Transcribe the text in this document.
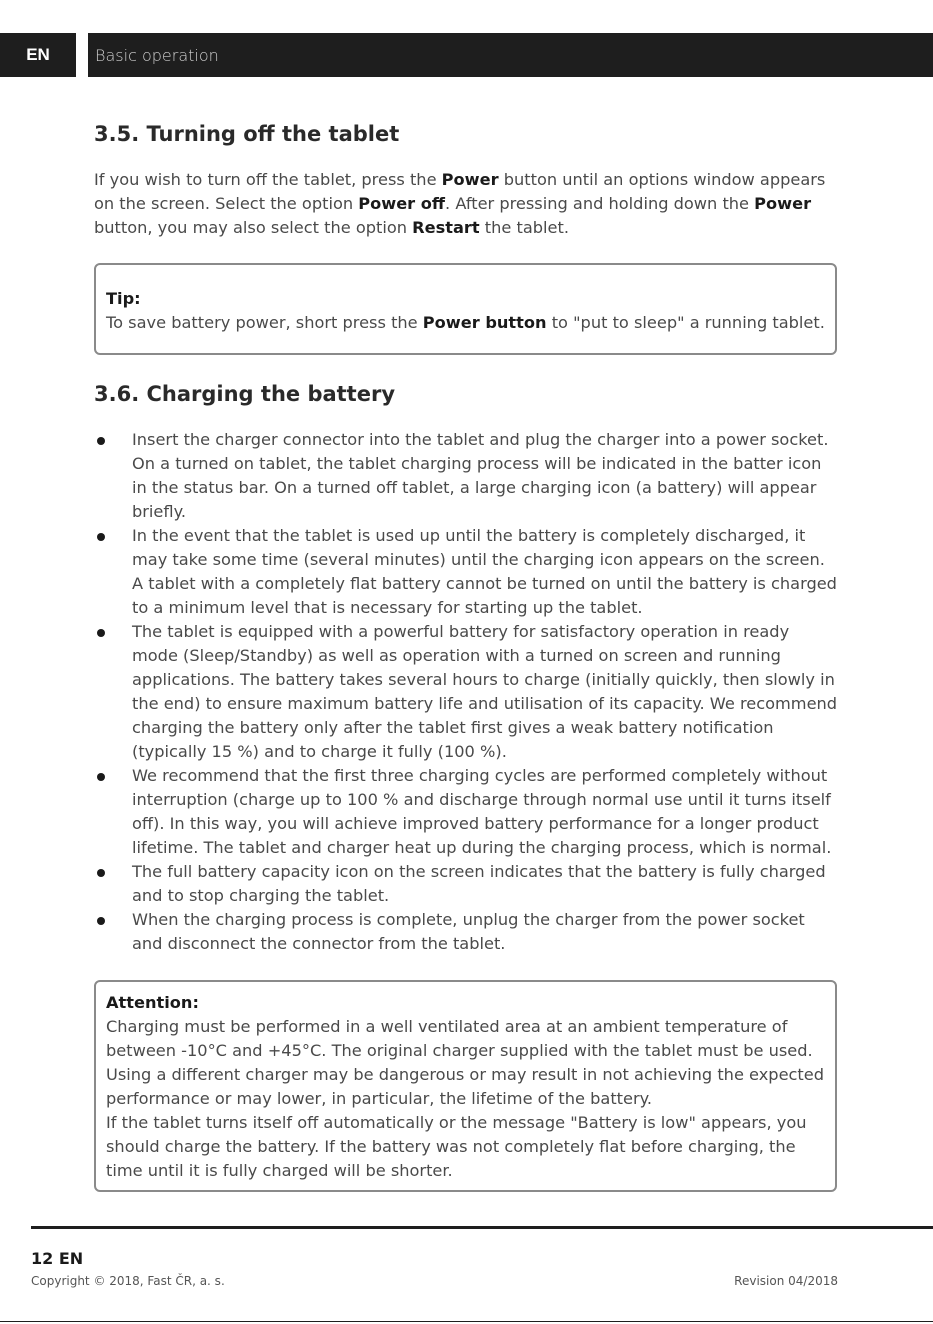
EN	Basic operation
3.5. Turning off the tablet
If you wish to turn off the tablet, press the Power button until an options window appears on the screen. Select the option Power off. After pressing and holding down the Power button, you may also select the option Restart the tablet.
Tip:
To save battery power, short press the Power button to "put to sleep" a running tablet.
3.6. Charging the battery
Insert the charger connector into the tablet and plug the charger into a power socket. On a turned on tablet, the tablet charging process will be indicated in the batter icon in the status bar. On a turned off tablet, a large charging icon (a battery) will appear briefly.
In the event that the tablet is used up until the battery is completely discharged, it may take some time (several minutes) until the charging icon appears on the screen. A tablet with a completely flat battery cannot be turned on until the battery is charged to a minimum level that is necessary for starting up the tablet.
The tablet is equipped with a powerful battery for satisfactory operation in ready mode (Sleep/Standby) as well as operation with a turned on screen and running applications. The battery takes several hours to charge (initially quickly, then slowly in the end) to ensure maximum battery life and utilisation of its capacity. We recommend charging the battery only after the tablet first gives a weak battery notification (typically 15 %) and to charge it fully (100 %).
We recommend that the first three charging cycles are performed completely without interruption (charge up to 100 % and discharge through normal use until it turns itself off). In this way, you will achieve improved battery performance for a longer product lifetime. The tablet and charger heat up during the charging process, which is normal.
The full battery capacity icon on the screen indicates that the battery is fully charged and to stop charging the tablet.
When the charging process is complete, unplug the charger from the power socket and disconnect the connector from the tablet.
Attention:
Charging must be performed in a well ventilated area at an ambient temperature of between -10°C and +45°C. The original charger supplied with the tablet must be used. Using a different charger may be dangerous or may result in not achieving the expected performance or may lower, in particular, the lifetime of the battery.
If the tablet turns itself off automatically or the message "Battery is low" appears, you should charge the battery. If the battery was not completely flat before charging, the time until it is fully charged will be shorter.
12 EN
Copyright © 2018, Fast ČR, a. s.	Revision 04/2018
